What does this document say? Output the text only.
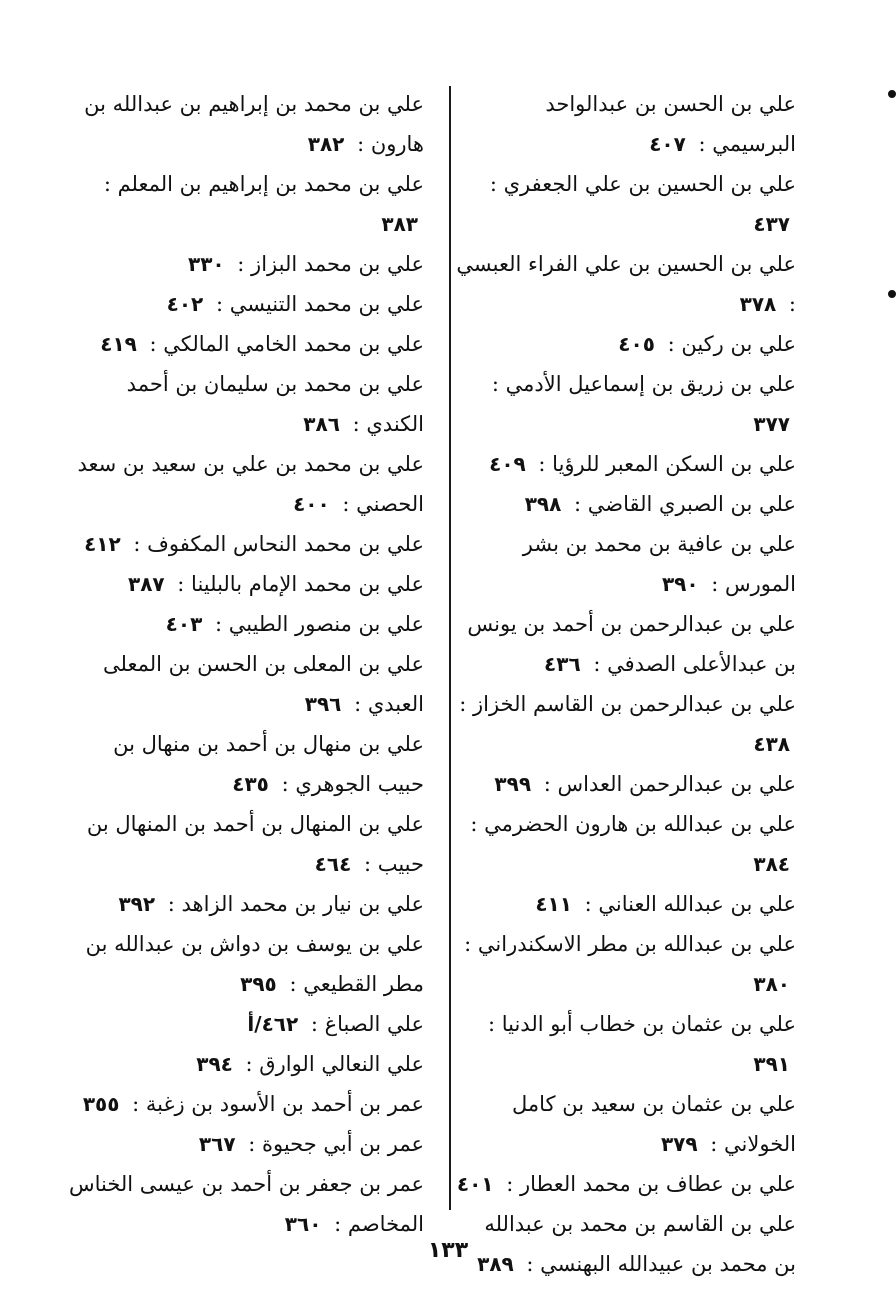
علي بن الحسن بن عبدالواحد البرسيمي : ٤٠٧

علي بن الحسين بن علي الجعفري : ٤٣٧

علي بن الحسين بن علي الفراء العبسي : ٣٧٨

علي بن ركين : ٤٠٥

علي بن زريق بن إسماعيل الأدمي : ٣٧٧

علي بن السكن المعبر للرؤيا : ٤٠٩

علي بن الصبري القاضي : ٣٩٨

علي بن عافية بن محمد بن بشر المورس : ٣٩٠

علي بن عبدالرحمن بن أحمد بن يونس بن عبدالأعلى الصدفي : ٤٣٦

علي بن عبدالرحمن بن القاسم الخزاز : ٤٣٨

علي بن عبدالرحمن العداس : ٣٩٩

علي بن عبدالله بن هارون الحضرمي : ٣٨٤

علي بن عبدالله العناني : ٤١١

علي بن عبدالله بن مطر الاسكندراني : ٣٨٠

علي بن عثمان بن خطاب أبو الدنيا : ٣٩١

علي بن عثمان بن سعيد بن كامل الخولاني : ٣٧٩

علي بن عطاف بن محمد العطار : ٤٠١

علي بن القاسم بن محمد بن عبدالله بن محمد بن عبيدالله البهنسي : ٣٨٩

علي بن محمد بن إبراهيم بن عبدالله بن هارون : ٣٨٢

علي بن محمد بن إبراهيم بن المعلم : ٣٨٣

علي بن محمد البزاز : ٣٣٠

علي بن محمد التنيسي : ٤٠٢

علي بن محمد الخامي المالكي : ٤١٩

علي بن محمد بن سليمان بن أحمد الكندي : ٣٨٦

علي بن محمد بن علي بن سعيد بن سعد الحصني : ٤٠٠

علي بن محمد النحاس المكفوف : ٤١٢

علي بن محمد الإمام بالبلينا : ٣٨٧

علي بن منصور الطيبي : ٤٠٣

علي بن المعلى بن الحسن بن المعلى العبدي : ٣٩٦

علي بن منهال بن أحمد بن منهال بن حبيب الجوهري : ٤٣٥

علي بن المنهال بن أحمد بن المنهال بن حبيب : ٤٦٤

علي بن نيار بن محمد الزاهد : ٣٩٢

علي بن يوسف بن دواش بن عبدالله بن مطر القطيعي : ٣٩٥

علي الصباغ : ٤٦٢/أ

علي النعالي الوارق : ٣٩٤

عمر بن أحمد بن الأسود بن زغبة : ٣٥٥

عمر بن أبي جحيوة : ٣٦٧

عمر بن جعفر بن أحمد بن عيسى الخناس المخاصم : ٣٦٠

١٣٣
